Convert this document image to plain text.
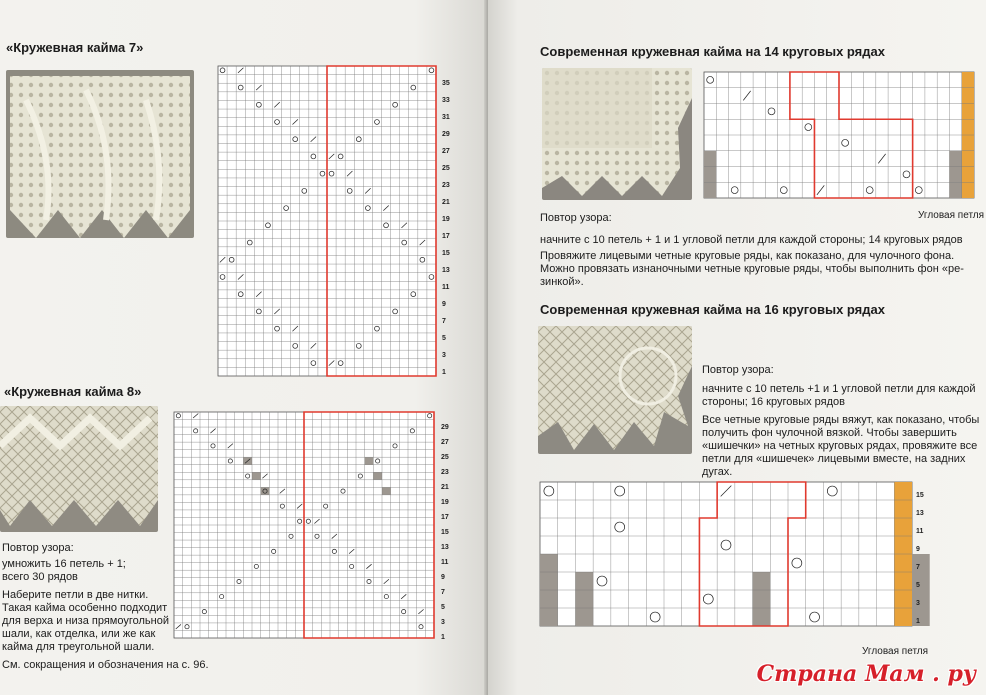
«Кружевная кайма 7»
35
33
31
29
27
25
23
21
19
17
15
13
11
9
7
5
3
1
«Кружевная кайма 8»
29
27
25
23
21
19
17
15
13
11
9
7
5
3
1
Повтор узора:
умножить 16 петель + 1;
всего 30 рядов
Наберите петли в две нитки.
Такая кайма особенно подходит
для верха и низа прямоугольной
шали, как отделка, или же как
кайма для треугольной шали.
См. сокращения и обозначения на с. 96.
Современная кружевная кайма на 14 круговых рядах
Угловая петля
Повтор узора:
начните с 10 петель + 1 и 1 угловой петли для каждой стороны; 14 круговых рядов
Провяжите лицевыми четные круговые ряды, как показано, для чулочного фона.
Можно провязать изнаночными четные круговые ряды, чтобы выполнить фон «ре-
зинкой».
Современная кружевная кайма на 16 круговых рядах
Повтор узора:
начните с 10 петель +1 и 1 угловой петли для каждой
стороны; 16 круговых рядов
Все четные круговые ряды вяжут, как показано, чтобы
получить фон чулочной вязкой. Чтобы завершить
«шишечки» на четных круговых рядах, провяжите все
петли для «шишечек» лицевыми вместе, на задних
дугах.
15
13
11
9
7
5
3
1
Угловая петля
Страна Мам . ру
